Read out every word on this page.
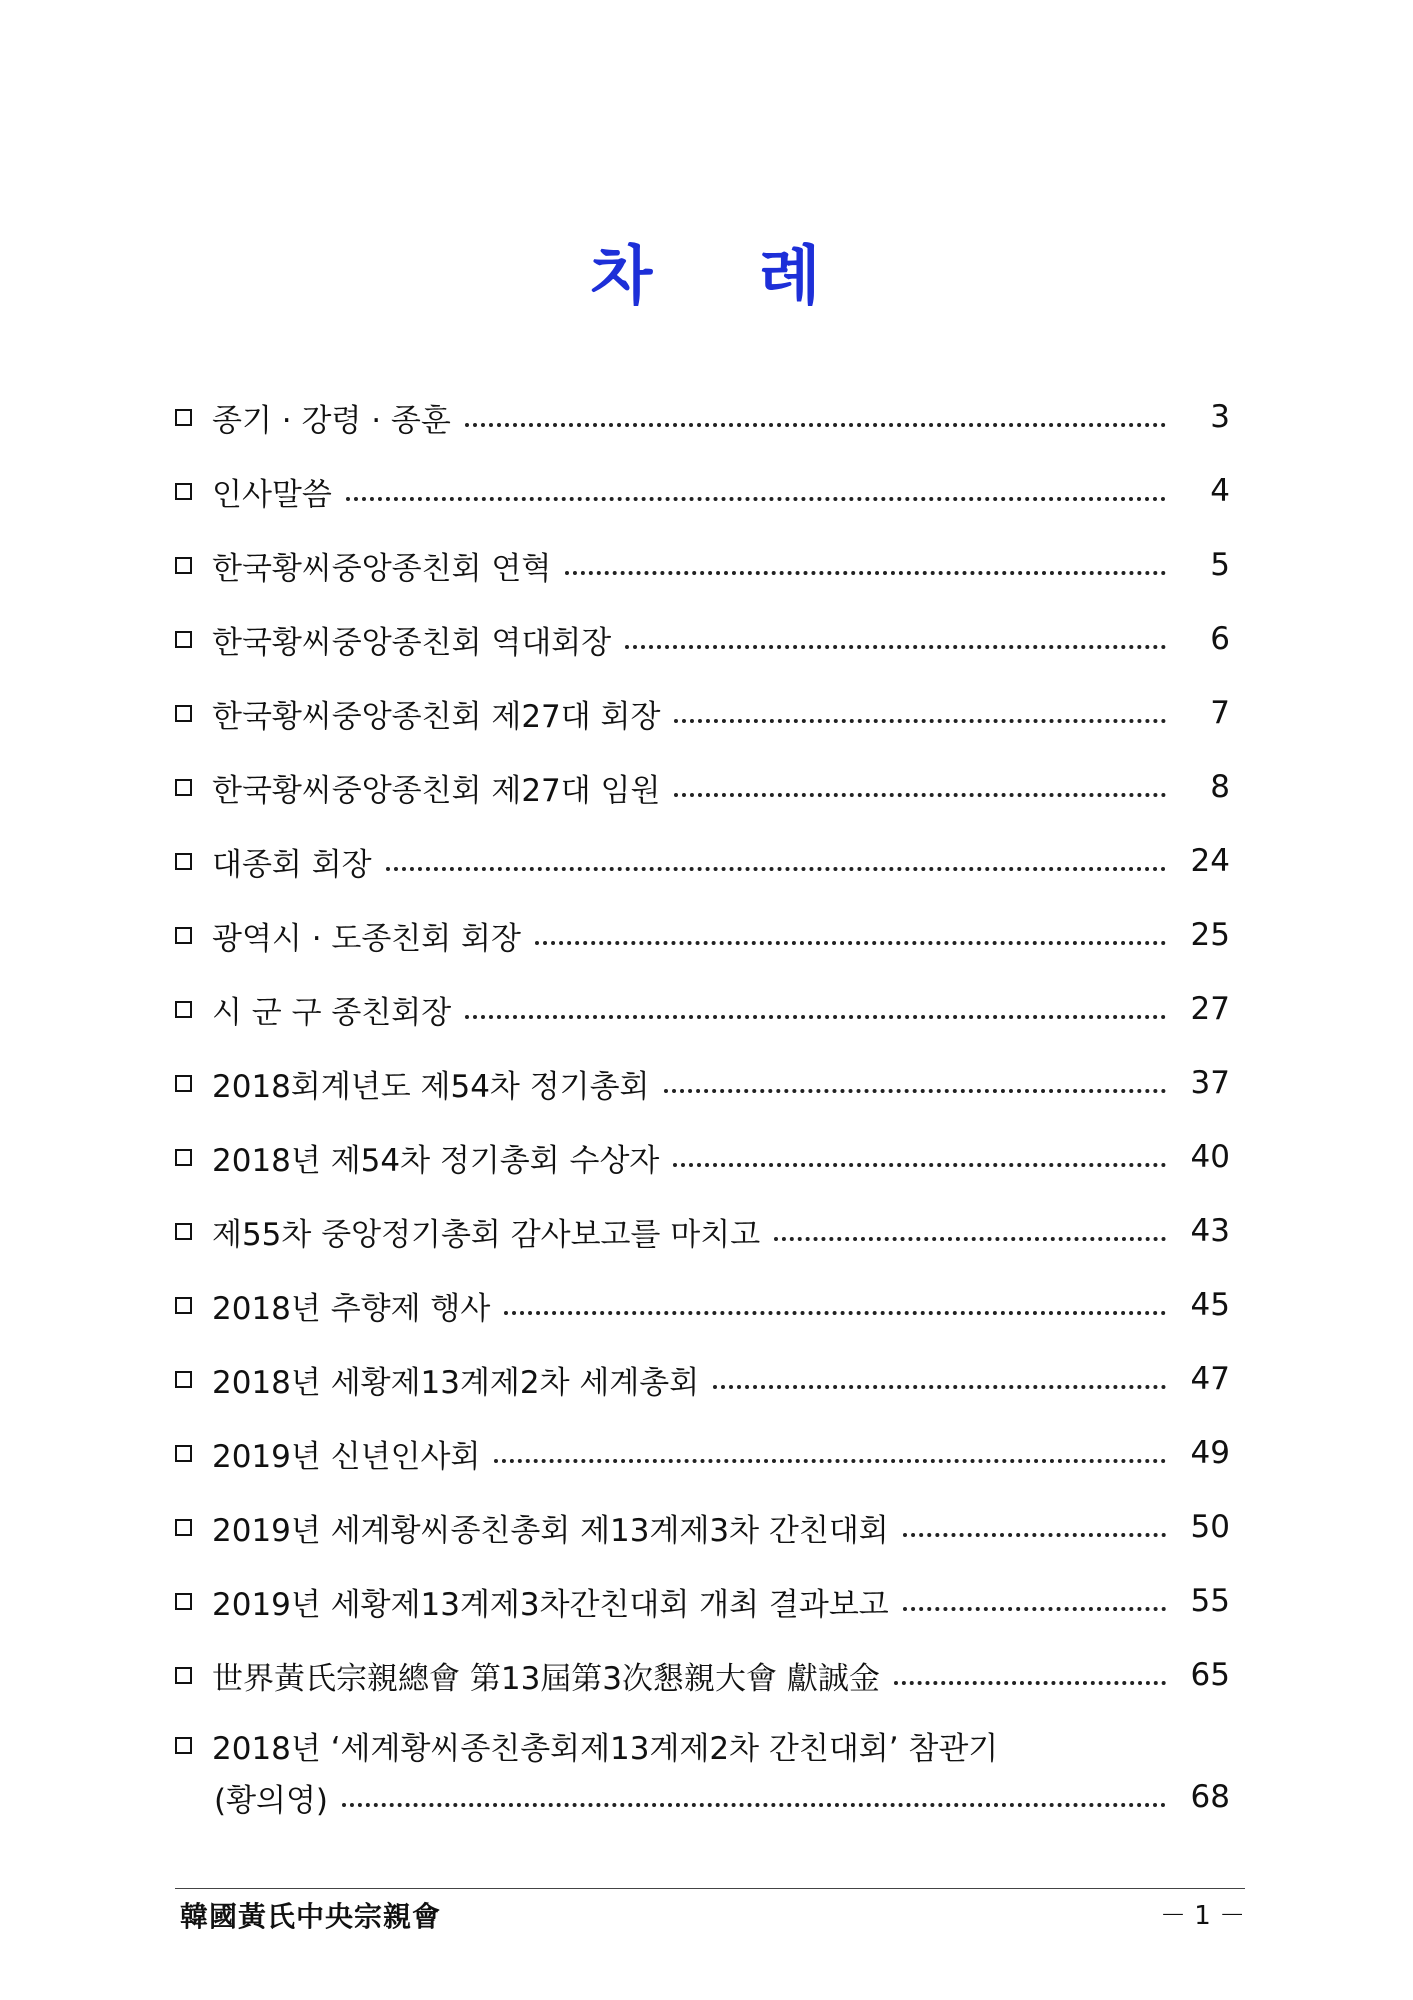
차 례
종기 · 강령 · 종훈	3
인사말씀	4
한국황씨중앙종친회 연혁	5
한국황씨중앙종친회 역대회장	6
한국황씨중앙종친회 제27대 회장	7
한국황씨중앙종친회 제27대 임원	8
대종회 회장	24
광역시 · 도종친회 회장	25
시 군 구 종친회장	27
2018회계년도 제54차 정기총회	37
2018년 제54차 정기총회 수상자	40
제55차 중앙정기총회 감사보고를 마치고	43
2018년 추향제 행사	45
2018년 세황제13계제2차 세계총회	47
2019년 신년인사회	49
2019년 세계황씨종친총회 제13계제3차 간친대회	50
2019년 세황제13계제3차간친대회 개최 결과보고	55
世界黃氏宗親總會 第13屆第3次懇親大會 獻誠金	65
2018년 ‘세계황씨종친총회제13계제2차 간친대회’ 참관기
(황의영)	68
韓國黃氏中央宗親會	－ 1 －
